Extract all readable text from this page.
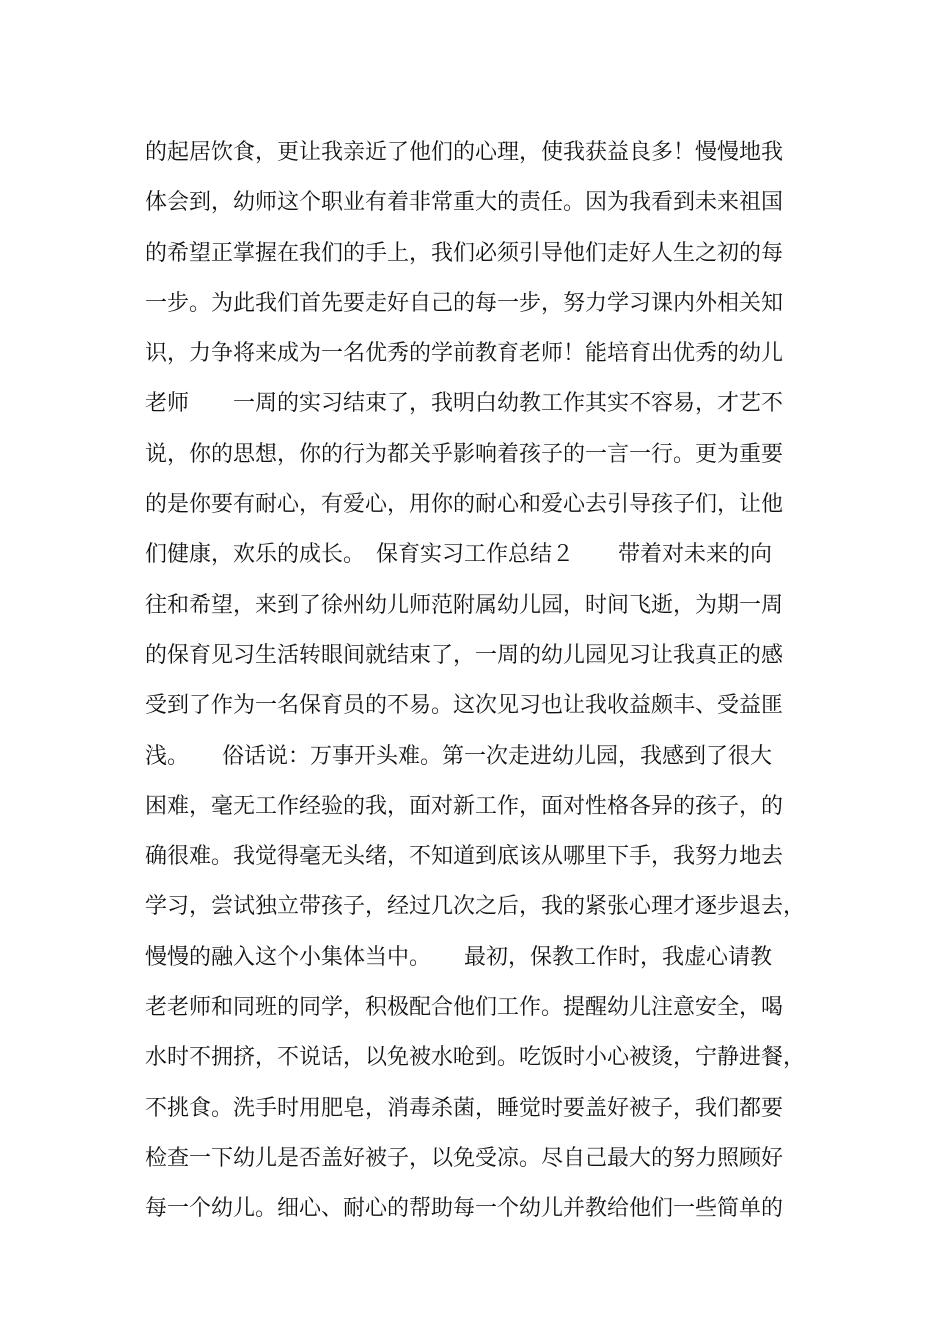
的起居饮食，更让我亲近了他们的心理，使我获益良多！慢慢地我
体会到，幼师这个职业有着非常重大的责任。因为我看到未来祖国
的希望正掌握在我们的手上，我们必须引导他们走好人生之初的每
一步。为此我们首先要走好自己的每一步，努力学习课内外相关知
识，力争将来成为一名优秀的学前教育老师！能培育出优秀的幼儿
老师　　一周的实习结束了，我明白幼教工作其实不容易，才艺不
说，你的思想，你的行为都关乎影响着孩子的一言一行。更为重要
的是你要有耐心，有爱心，用你的耐心和爱心去引导孩子们，让他
们健康，欢乐的成长。　保育实习工作总结２　　带着对未来的向
往和希望，来到了徐州幼儿师范附属幼儿园，时间飞逝，为期一周
的保育见习生活转眼间就结束了，一周的幼儿园见习让我真正的感
受到了作为一名保育员的不易。这次见习也让我收益颇丰、受益匪
浅。　　俗话说：万事开头难。第一次走进幼儿园，我感到了很大
困难，毫无工作经验的我，面对新工作，面对性格各异的孩子，的
确很难。我觉得毫无头绪，不知道到底该从哪里下手，我努力地去
学习，尝试独立带孩子，经过几次之后，我的紧张心理才逐步退去，
慢慢的融入这个小集体当中。　　最初，保教工作时，我虚心请教
老老师和同班的同学，积极配合他们工作。提醒幼儿注意安全，喝
水时不拥挤，不说话，以免被水呛到。吃饭时小心被烫，宁静进餐，
不挑食。洗手时用肥皂，消毒杀菌，睡觉时要盖好被子，我们都要
检查一下幼儿是否盖好被子，以免受凉。尽自己最大的努力照顾好
每一个幼儿。细心、耐心的帮助每一个幼儿并教给他们一些简单的
